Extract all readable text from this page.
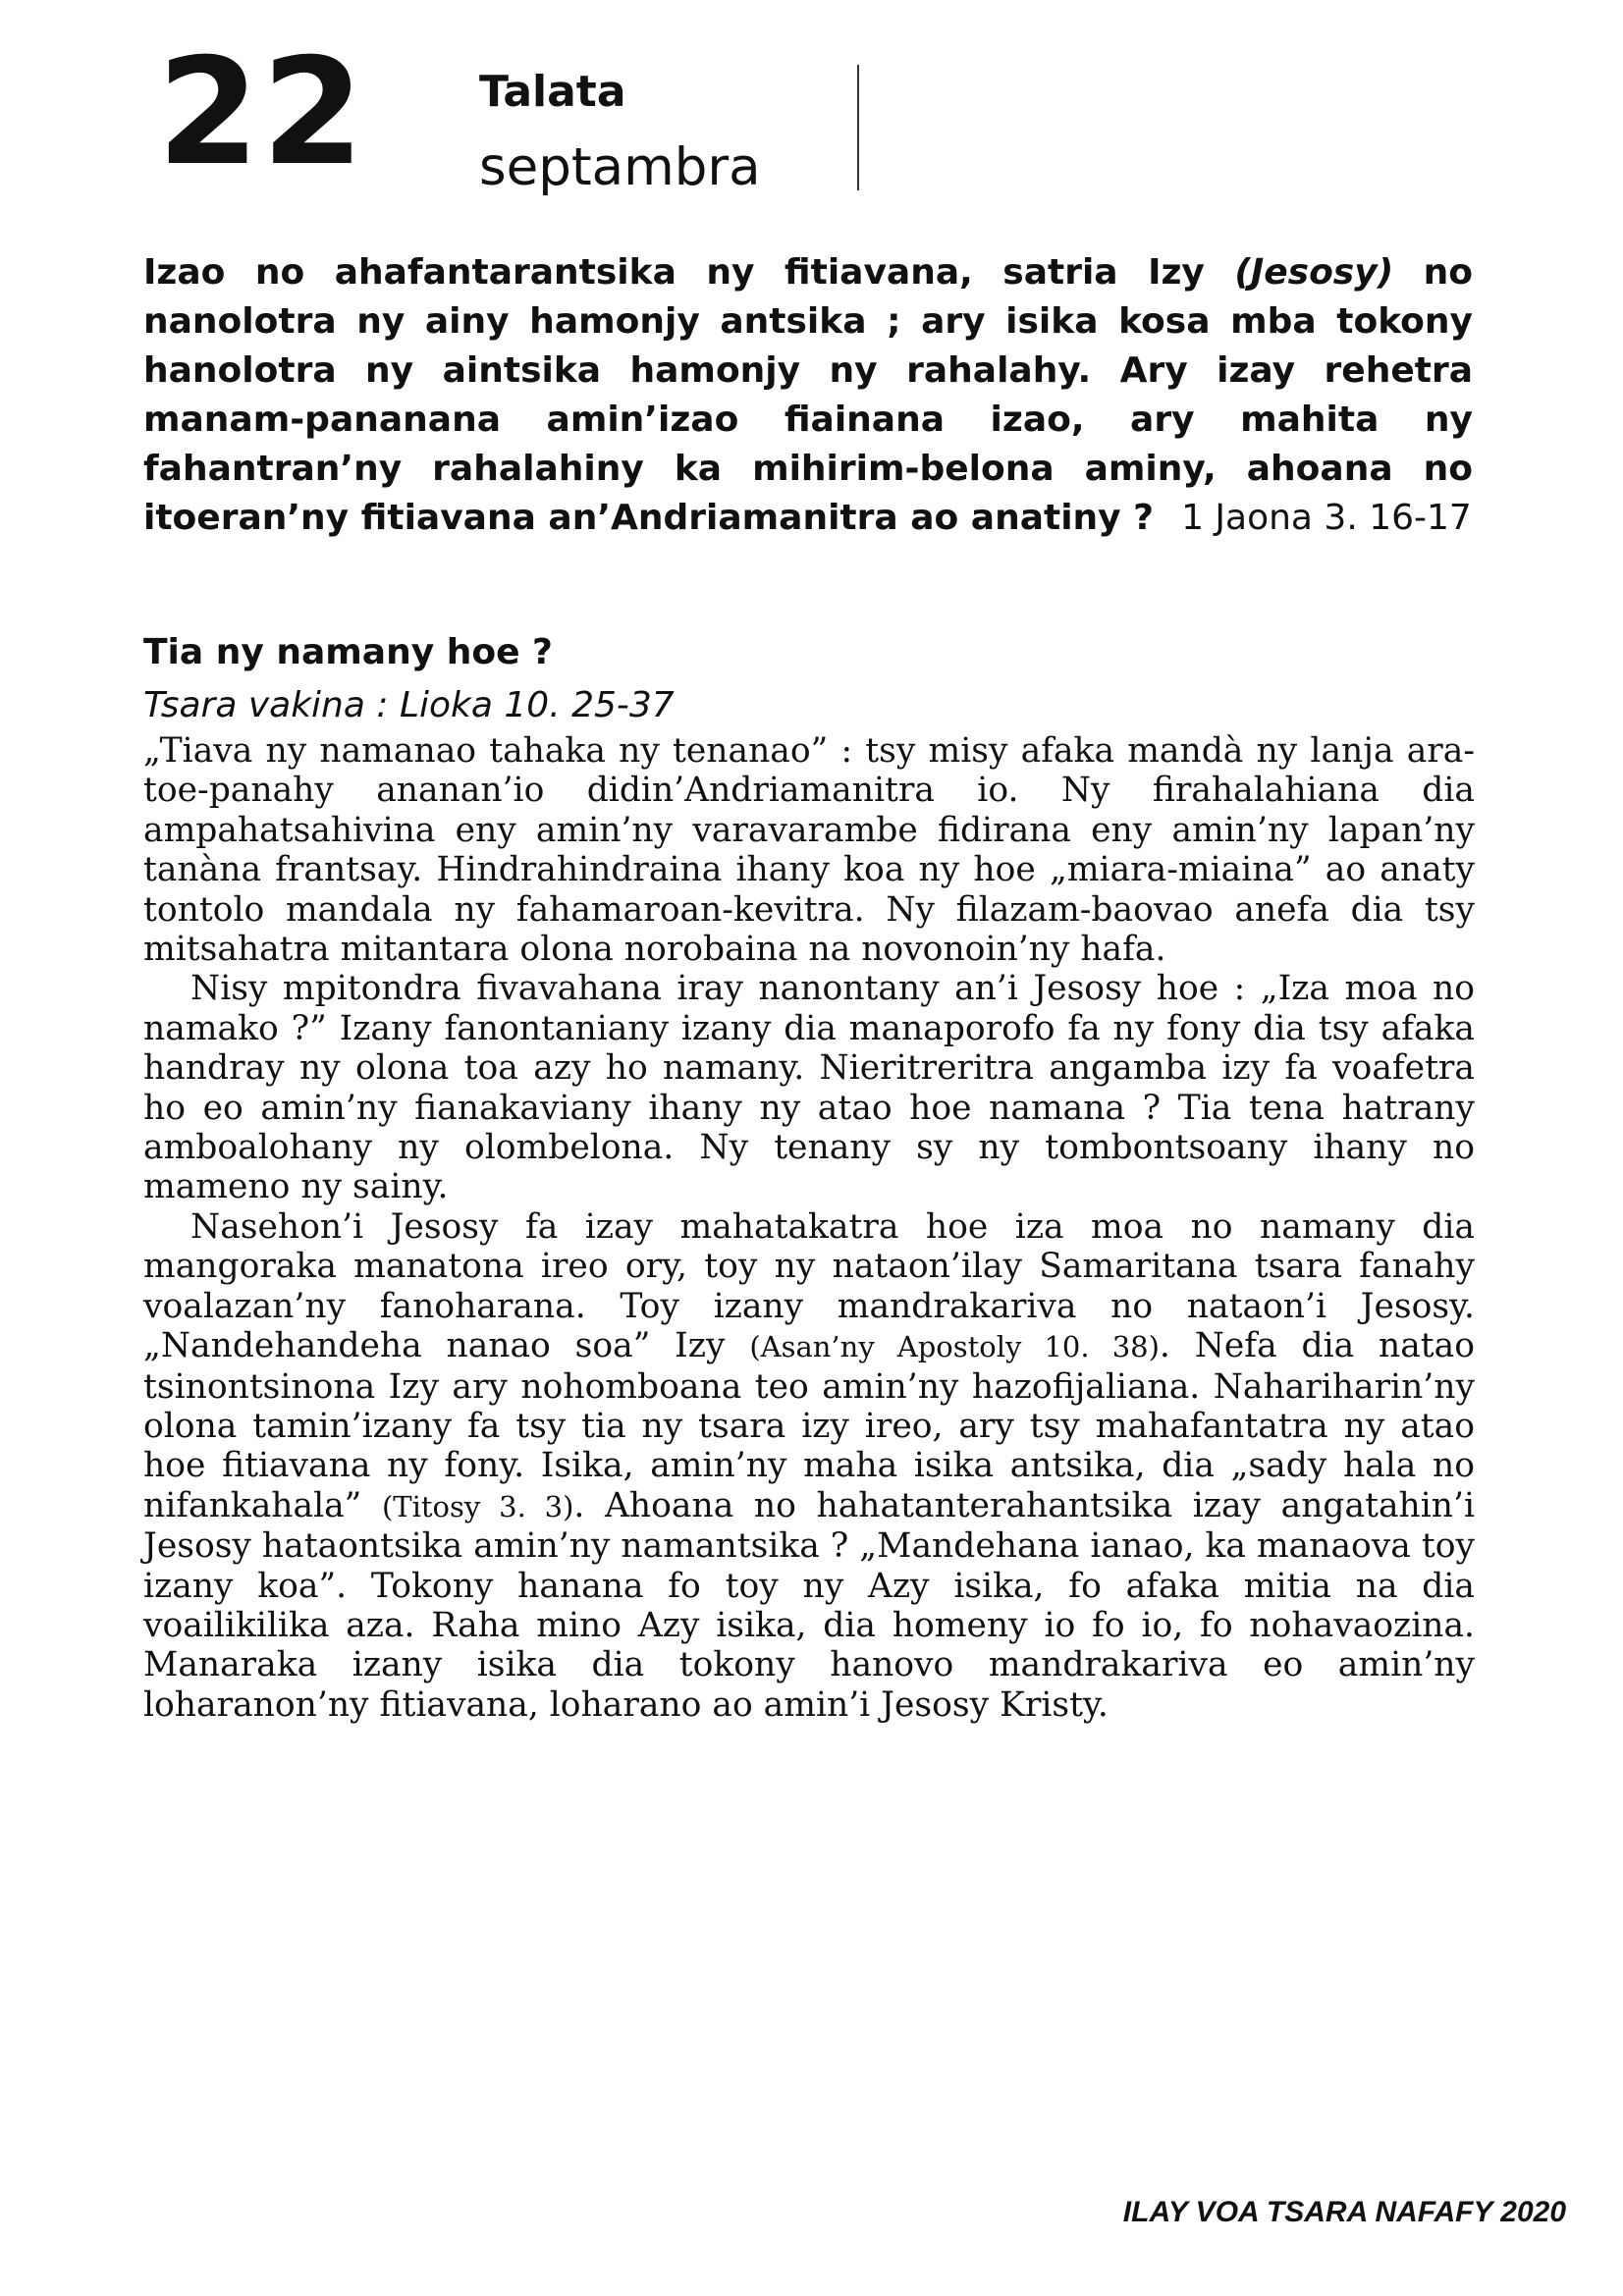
22	Talata
septambra
Izao no ahafantarantsika ny fitiavana, satria Izy (Jesosy) no nanolotra ny ainy hamonjy antsika ; ary isika kosa mba tokony hanolotra ny aintsika hamonjy ny rahalahy. Ary izay rehetra manam-pananana amin’izao fiainana izao, ary mahita ny fahantran’ny rahalahiny ka mihirim-belona aminy, ahoana no itoeran’ny fitiavana an’Andriamanitra ao anatiny ? 1 Jaona 3. 16-17
Tia ny namany hoe ?
Tsara vakina : Lioka 10. 25-37

„Tiava ny namanao tahaka ny tenanao” : tsy misy afaka mandà ny lanja ara-toe-panahy ananan’io didin’Andriamanitra io. Ny firahalahiana dia ampahatsahivina eny amin’ny varavarambe fidirana eny amin’ny lapan’ny tanàna frantsay. Hindrahindraina ihany koa ny hoe „miara-miaina” ao anaty tontolo mandala ny fahamaroan-kevitra. Ny filazam-baovao anefa dia tsy mitsahatra mitantara olona norobaina na novonoin’ny hafa.

Nisy mpitondra fivavahana iray nanontany an’i Jesosy hoe : „Iza moa no namako ?” Izany fanontaniany izany dia manaporofo fa ny fony dia tsy afaka handray ny olona toa azy ho namany. Nieritreritra angamba izy fa voafetra ho eo amin’ny fianakaviany ihany ny atao hoe namana ? Tia tena hatrany amboalohany ny olombelona. Ny tenany sy ny tombontsoany ihany no mameno ny sainy.

Nasehon’i Jesosy fa izay mahatakatra hoe iza moa no namany dia mangoraka manatona ireo ory, toy ny nataon’ilay Samaritana tsara fanahy voalazan’ny fanoharana. Toy izany mandrakariva no nataon’i Jesosy. „Nandehandeha nanao soa” Izy (Asan’ny Apostoly 10. 38). Nefa dia natao tsinontsinona Izy ary nohomboana teo amin’ny hazofijaliana. Nahariharin’ny olona tamin’izany fa tsy tia ny tsara izy ireo, ary tsy mahafantatra ny atao hoe fitiavana ny fony. Isika, amin’ny maha isika antsika, dia „sady hala no nifankahala” (Titosy 3. 3). Ahoana no hahatanterahantsika izay angatahin’i Jesosy hataontsika amin’ny namantsika ? „Mandehana ianao, ka manaova toy izany koa”. Tokony hanana fo toy ny Azy isika, fo afaka mitia na dia voailikilika aza. Raha mino Azy isika, dia homeny io fo io, fo nohavaozina. Manaraka izany isika dia tokony hanovo mandrakariva eo amin’ny loharanon’ny fitiavana, loharano ao amin’i Jesosy Kristy.

ILAY VOA TSARA NAFAFY 2020
